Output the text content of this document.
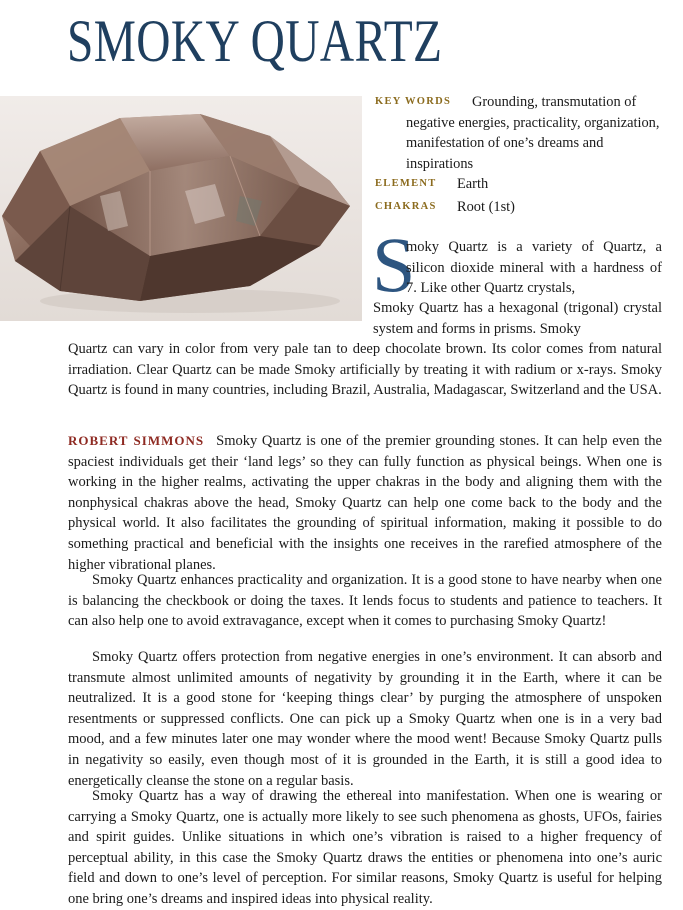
SMOKY QUARTZ
KEY WORDS	Grounding, transmutation of negative energies, practicality, organization, manifestation of one’s dreams and inspirations
ELEMENT Earth
CHAKRAS Root (1st)
S
moky Quartz is a variety of Quartz, a silicon dioxide mineral with a hardness of 7. Like other Quartz crystals,
Smoky Quartz has a hexagonal (trigonal) crystal system and forms in prisms. Smoky
Quartz can vary in color from very pale tan to deep chocolate brown. Its color comes from natural irradiation. Clear Quartz can be made Smoky artificially by treating it with radium or x-rays. Smoky Quartz is found in many countries, including Brazil, Australia, Madagascar, Switzerland and the USA.
ROBERT SIMMONS Smoky Quartz is one of the premier grounding stones. It can help even the spaciest individuals get their ‘land legs’ so they can fully function as physical beings. When one is working in the higher realms, activating the upper chakras in the body and aligning them with the nonphysical chakras above the head, Smoky Quartz can help one come back to the body and the physical world. It also facilitates the grounding of spiritual information, making it possible to do something practical and beneficial with the insights one receives in the rarefied atmosphere of the higher vibrational planes.
Smoky Quartz enhances practicality and organization. It is a good stone to have nearby when one is balancing the checkbook or doing the taxes. It lends focus to students and patience to teachers. It can also help one to avoid extravagance, except when it comes to purchasing Smoky Quartz!
Smoky Quartz offers protection from negative energies in one’s environment. It can absorb and transmute almost unlimited amounts of negativity by grounding it in the Earth, where it can be neutralized. It is a good stone for ‘keeping things clear’ by purging the atmosphere of unspoken resentments or suppressed conflicts. One can pick up a Smoky Quartz when one is in a very bad mood, and a few minutes later one may wonder where the mood went! Because Smoky Quartz pulls in negativity so easily, even though most of it is grounded in the Earth, it is still a good idea to energetically cleanse the stone on a regular basis.
Smoky Quartz has a way of drawing the ethereal into manifestation. When one is wearing or carrying a Smoky Quartz, one is actually more likely to see such phenomena as ghosts, UFOs, fairies and spirit guides. Unlike situations in which one’s vibration is raised to a higher frequency of perceptual ability, in this case the Smoky Quartz draws the entities or phenomena into one’s auric field and down to one’s level of perception. For similar reasons, Smoky Quartz is useful for helping one bring one’s dreams and inspired ideas into physical reality.
